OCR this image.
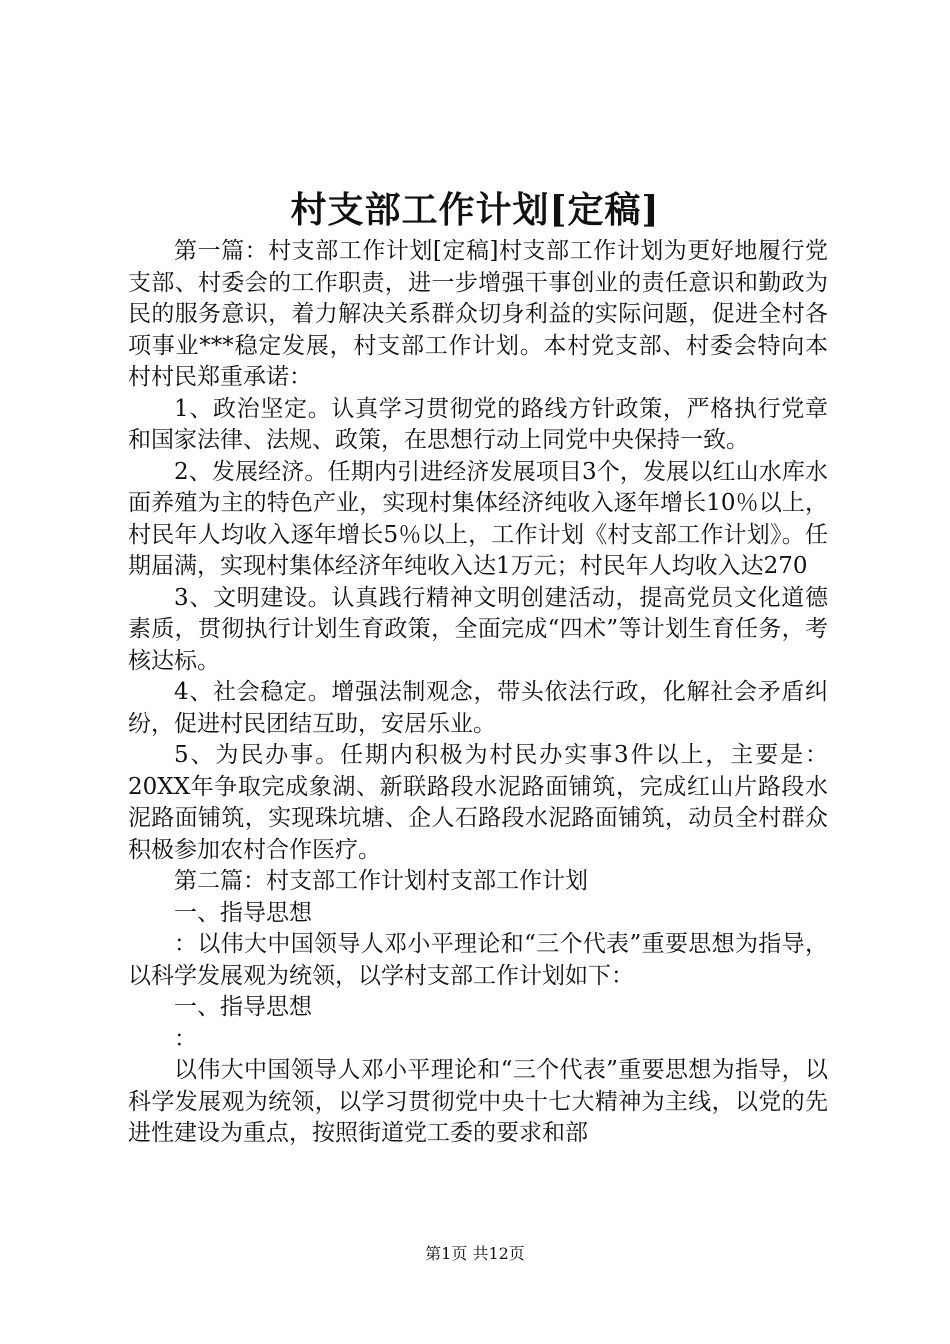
村支部工作计划[定稿]

第一篇：村支部工作计划[定稿]村支部工作计划为更好地履行党支部、村委会的工作职责，进一步增强干事创业的责任意识和勤政为民的服务意识，着力解决关系群众切身利益的实际问题，促进全村各项事业***稳定发展，村支部工作计划。本村党支部、村委会特向本村村民郑重承诺：

1、政治坚定。认真学习贯彻党的路线方针政策，严格执行党章和国家法律、法规、政策，在思想行动上同党中央保持一致。

2、发展经济。任期内引进经济发展项目3个，发展以红山水库水面养殖为主的特色产业，实现村集体经济纯收入逐年增长10％以上，村民年人均收入逐年增长5％以上，工作计划《村支部工作计划》。任期届满，实现村集体经济年纯收入达1万元；村民年人均收入达270

3、文明建设。认真践行精神文明创建活动，提高党员文化道德素质，贯彻执行计划生育政策，全面完成“四术”等计划生育任务，考核达标。

4、社会稳定。增强法制观念，带头依法行政，化解社会矛盾纠纷，促进村民团结互助，安居乐业。

5、为民办事。任期内积极为村民办实事3件以上，主要是：20XX年争取完成象湖、新联路段水泥路面铺筑，完成红山片路段水泥路面铺筑，实现珠坑塘、企人石路段水泥路面铺筑，动员全村群众积极参加农村合作医疗。

第二篇：村支部工作计划村支部工作计划

一、指导思想

：以伟大中国领导人邓小平理论和“三个代表”重要思想为指导，以科学发展观为统领，以学村支部工作计划如下：

一、指导思想

：

以伟大中国领导人邓小平理论和“三个代表”重要思想为指导，以科学发展观为统领，以学习贯彻党中央十七大精神为主线，以党的先进性建设为重点，按照街道党工委的要求和部

第1页 共12页
